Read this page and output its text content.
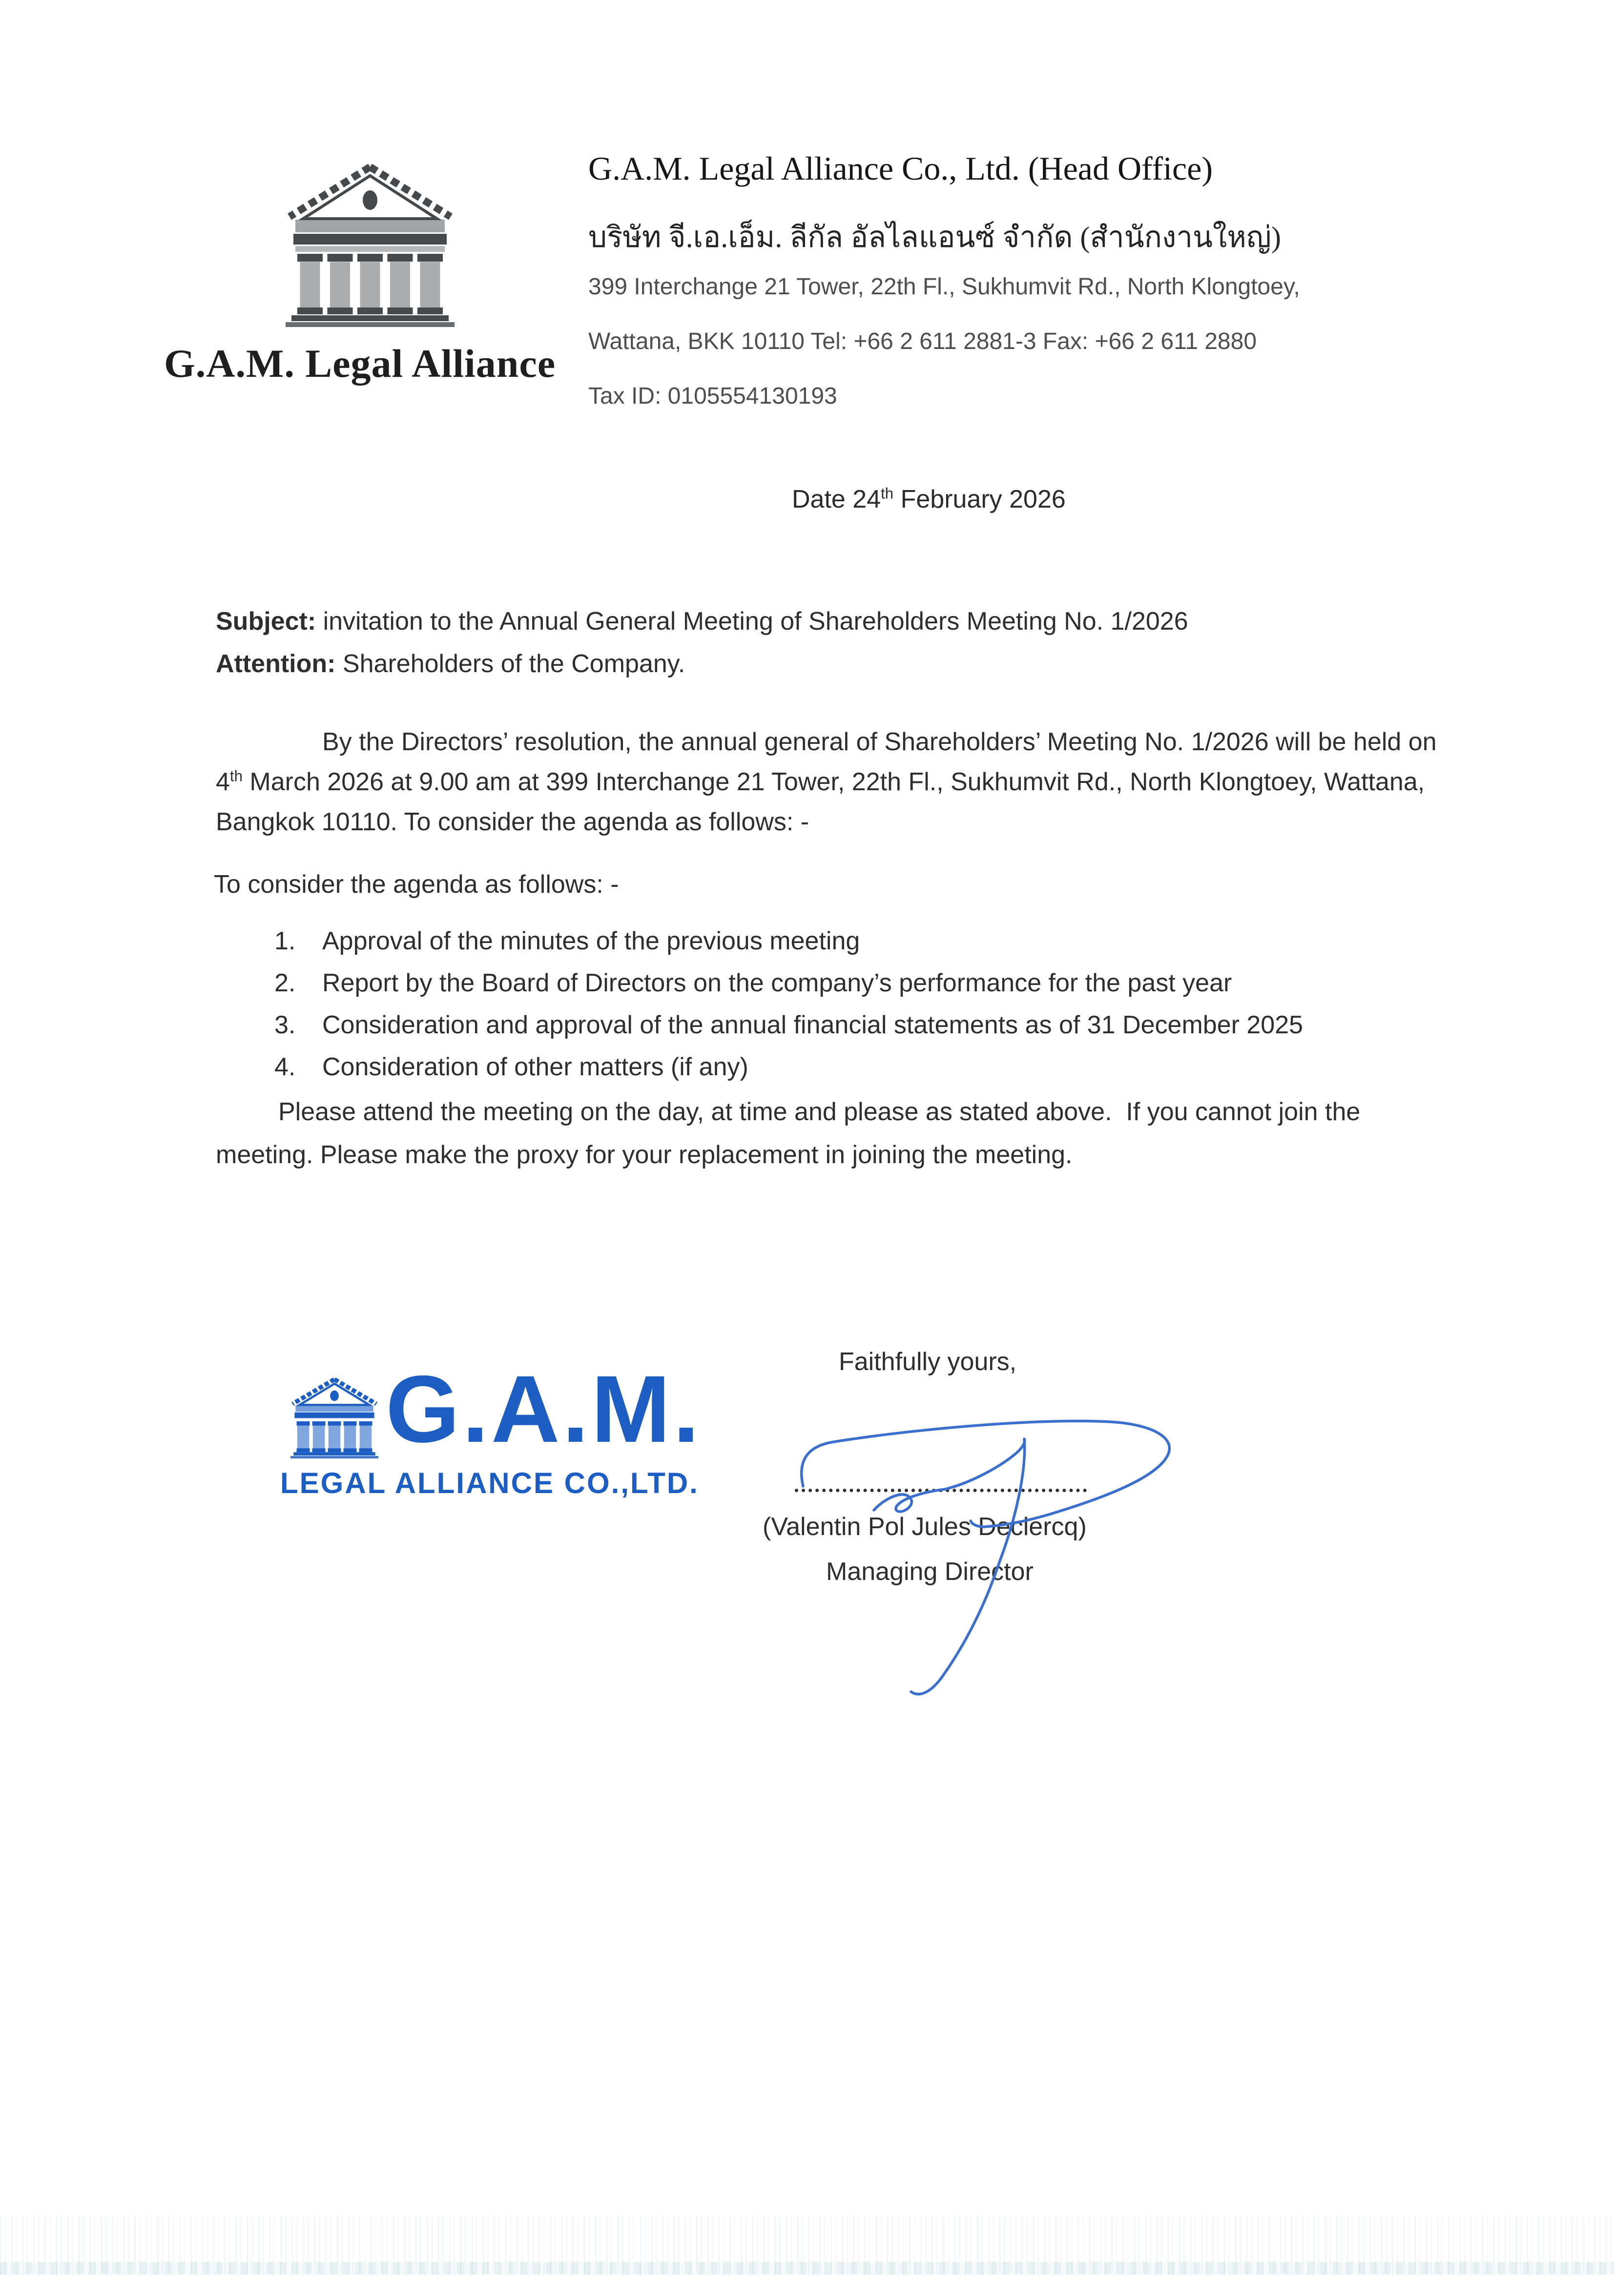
G.A.M. Legal Alliance
G.A.M. Legal Alliance Co., Ltd. (Head Office)
บริษัท จี.เอ.เอ็ม. ลีกัล อัลไลแอนซ์ จำกัด (สำนักงานใหญ่)
399 Interchange 21 Tower, 22th Fl., Sukhumvit Rd., North Klongtoey,
Wattana, BKK 10110 Tel: +66 2 611 2881-3 Fax: +66 2 611 2880
Tax ID: 0105554130193
Date 24th February 2026
Subject: invitation to the Annual General Meeting of Shareholders Meeting No. 1/2026
Attention: Shareholders of the Company.
By the Directors’ resolution, the annual general of Shareholders’ Meeting No. 1/2026 will be held on
4th March 2026 at 9.00 am at 399 Interchange 21 Tower, 22th Fl., Sukhumvit Rd., North Klongtoey, Wattana,
Bangkok 10110. To consider the agenda as follows: -
To consider the agenda as follows: -
1. Approval of the minutes of the previous meeting
2. Report by the Board of Directors on the company’s performance for the past year
3. Consideration and approval of the annual financial statements as of 31 December 2025
4. Consideration of other matters (if any)
Please attend the meeting on the day, at time and please as stated above.  If you cannot join the
meeting. Please make the proxy for your replacement in joining the meeting.
Faithfully yours,
G.A.M.
LEGAL ALLIANCE CO.,LTD.
(Valentin Pol Jules Declercq)
Managing Director
